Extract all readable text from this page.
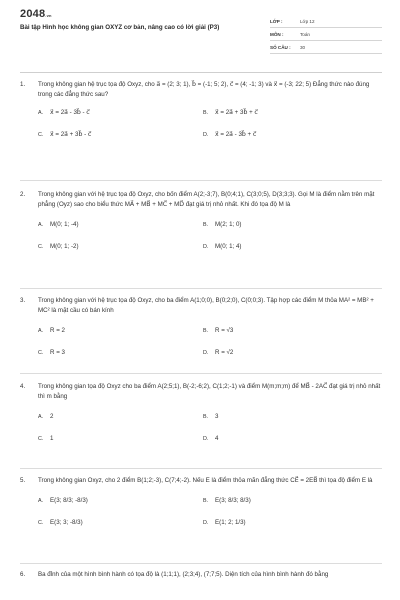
2048.vn
Bài tập Hình học không gian OXYZ cơ bản, nâng cao có lời giải (P3)
LỚP :	Lớp 12
MÔN :	Toán
SỐ CÂU :	30
1.	Trong không gian hệ trục tọa độ Oxyz, cho a⃗ = (2; 3; 1), b⃗ = (-1; 5; 2), c⃗ = (4; -1; 3) và x⃗ = (-3; 22; 5) Đẳng thức nào đúng trong các đẳng thức sau?
A. x⃗ = 2a⃗ - 3b⃗ - c⃗	B. x⃗ = 2a⃗ + 3b⃗ + c⃗
C. x⃗ = 2a⃗ + 3b⃗ - c⃗	D. x⃗ = 2a⃗ - 3b⃗ + c⃗
2.	Trong không gian với hệ trục tọa độ Oxyz, cho bốn điểm A(2;-3;7), B(0;4;1), C(3;0;5), D(3;3;3). Gọi M là điểm nằm trên mặt phẳng (Oyz) sao cho biểu thức MA⃗ + MB⃗ + MC⃗ + MD⃗ đạt giá trị nhỏ nhất. Khi đó tọa độ M là
A. M(0; 1; -4)	B. M(2; 1; 0)
C. M(0; 1; -2)	D. M(0; 1; 4)
3.	Trong không gian với hệ trục tọa độ Oxyz, cho ba điểm A(1;0;0), B(0;2;0), C(0;0;3). Tập hợp các điểm M thỏa MA² = MB² + MC² là mặt cầu có bán kính
A. R = 2	B. R = √3
C. R = 3	D. R = √2
4.	Trong không gian tọa độ Oxyz cho ba điểm A(2;5;1), B(-2;-6;2), C(1;2;-1) và điểm M(m;m;m) để MB⃗ - 2AC⃗ đạt giá trị nhỏ nhất thì m bằng
A. 2	B. 3
C. 1	D. 4
5.	Trong không gian Oxyz, cho 2 điểm B(1;2;-3), C(7;4;-2). Nếu E là điểm thỏa mãn đẳng thức CE⃗ = 2EB⃗ thì tọa độ điểm E là
A. E(3; 8/3; -8/3)	B. E(3; 8/3; 8/3)
C. E(3; 3; -8/3)	D. E(1; 2; 1/3)
6.	Ba đỉnh của một hình bình hành có tọa độ là (1;1;1), (2;3;4), (7;7;5). Diện tích của hình bình hành đó bằng
